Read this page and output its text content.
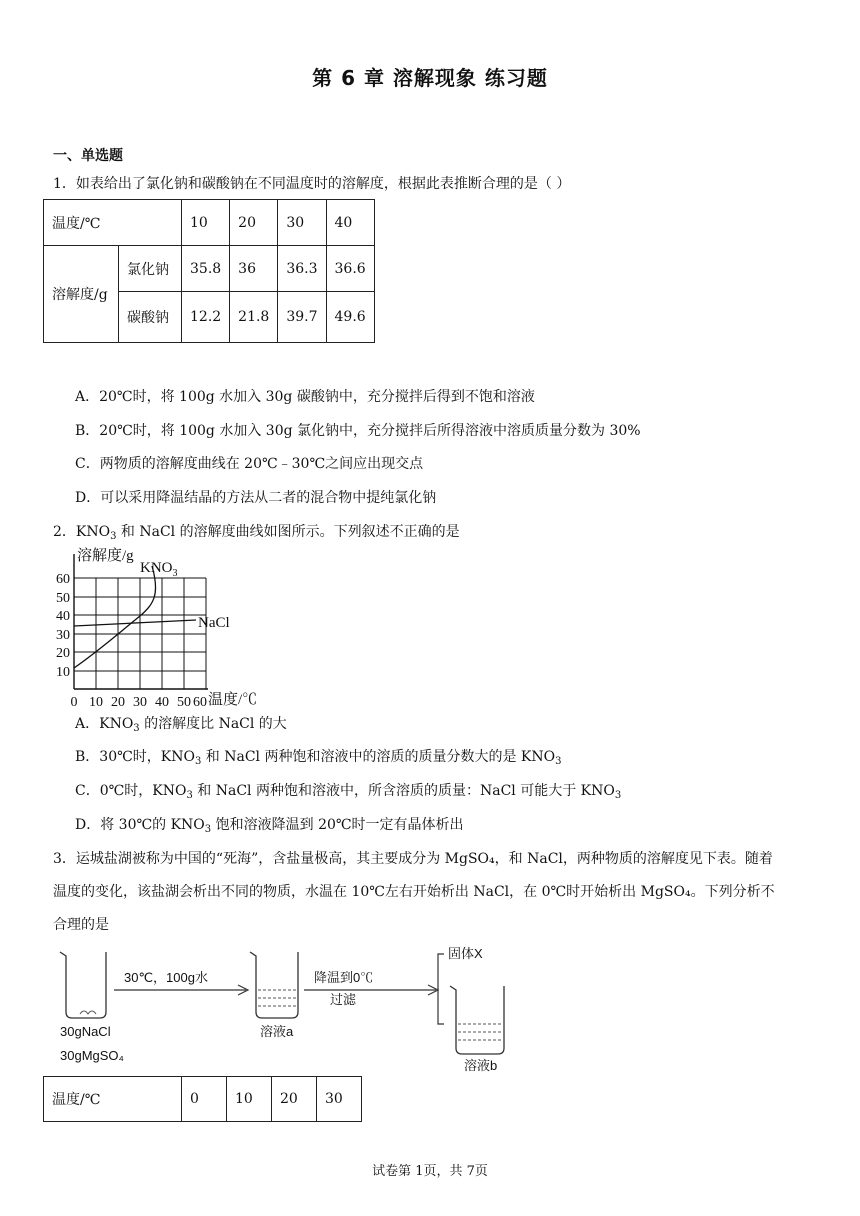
第 6 章 溶解现象 练习题
一、单选题
1．如表给出了氯化钠和碳酸钠在不同温度时的溶解度，根据此表推断合理的是（ ）
温度/℃		10	20	30	40
溶解度/g	氯化钠	35.8	36	36.3	36.6
	碳酸钠	12.2	21.8	39.7	49.6
A．20℃时，将 100g 水加入 30g 碳酸钠中，充分搅拌后得到不饱和溶液
B．20℃时，将 100g 水加入 30g 氯化钠中，充分搅拌后所得溶液中溶质质量分数为 30%
C．两物质的溶解度曲线在 20℃﹣30℃之间应出现交点
D．可以采用降温结晶的方法从二者的混合物中提纯氯化钠
2．$KNO_3$ 和 NaCl 的溶解度曲线如图所示。下列叙述不正确的是
溶解度/g
$KNO_3$
NaCl
60
50
40
30
20
10
0 10 20 30 40 50 60 温度/℃
A．$KNO_3$ 的溶解度比 NaCl 的大
B．30℃时，$KNO_3$ 和 NaCl 两种饱和溶液中的溶质的质量分数大的是 $KNO_3$
C．0℃时，$KNO_3$ 和 NaCl 两种饱和溶液中，所含溶质的质量：NaCl 可能大于 $KNO_3$
D．将 30℃的 $KNO_3$ 饱和溶液降温到 20℃时一定有晶体析出
3．运城盐湖被称为中国的“死海”，含盐量极高，其主要成分为 MgSO₄，和 NaCl，两种物质的溶解度见下表。随着
温度的变化，该盐湖会析出不同的物质，水温在 10℃左右开始析出 NaCl，在 0℃时开始析出 MgSO₄。下列分析不
合理的是
30gNaCl
30gMgSO₄
30℃，100g水
溶液a
降温到0℃
过滤
固体X
溶液b
温度/℃	0	10	20	30
试卷第 1页，共 7页
